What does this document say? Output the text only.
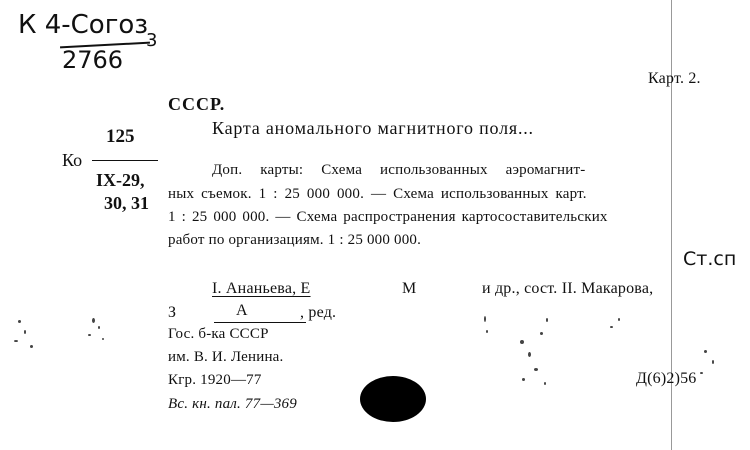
К 4-Согоз
2766
3
Карт. 2.
СССР.
Карта аномального магнитного поля...
Ко
125
IX-29,
30, 31
Доп. карты: Схема использованных аэромагнит-
ных съемок. 1 : 25 000 000. — Схема использованных карт.
1 : 25 000 000. — Схема распространения картосоставительских
работ по организациям. 1 : 25 000 000.
Ст.сп
I. Ананьева, Е	М	и др., сост. II. Макарова,
З	А	, ред.
Гос. б-ка СССР
им. В. И. Ленина.
Кгр. 1920—77
Вс. кн. пал. 77—369
Д(6)2)56
